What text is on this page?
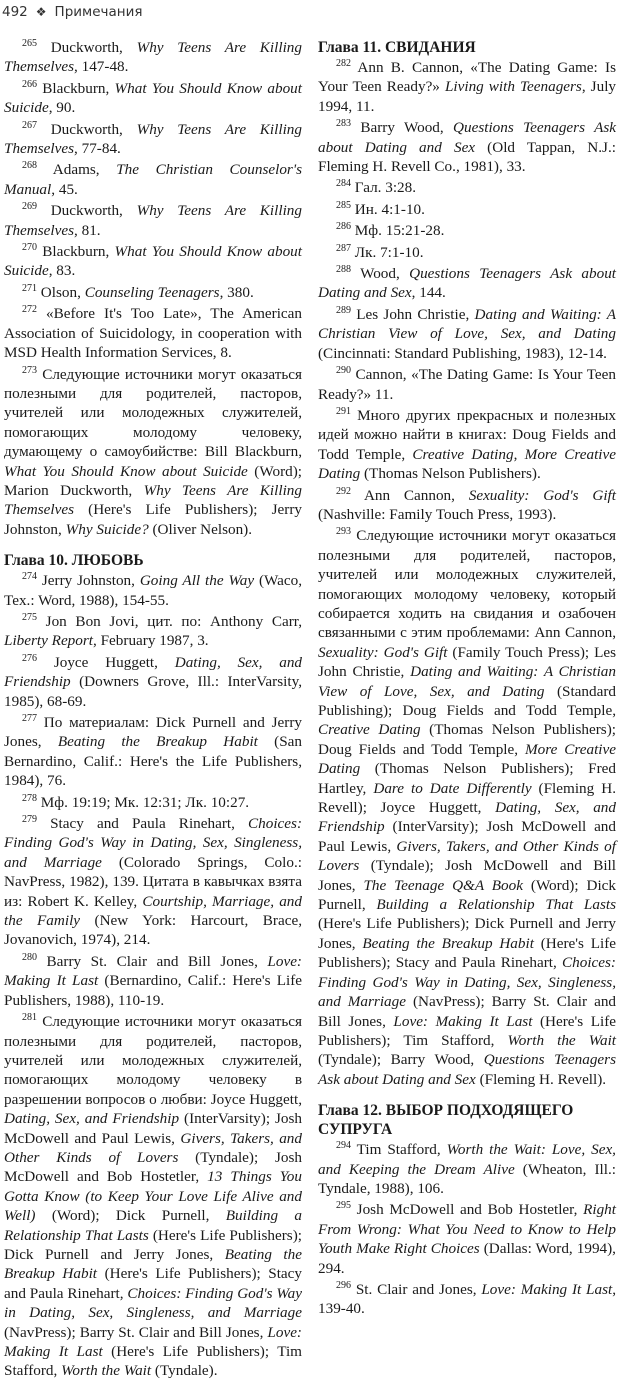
492 ❖ Примечания

$^{265}$ Duckworth, Why Teens Are Killing Themselves, 147-48.

$^{266}$ Blackburn, What You Should Know about Suicide, 90.

$^{267}$ Duckworth, Why Teens Are Killing Themselves, 77-84.

$^{268}$ Adams, The Christian Counselor's Manual, 45.

$^{269}$ Duckworth, Why Teens Are Killing Themselves, 81.

$^{270}$ Blackburn, What You Should Know about Suicide, 83.

$^{271}$ Olson, Counseling Teenagers, 380.

$^{272}$ «Before It's Too Late», The American Association of Suicidology, in cooperation with MSD Health Information Services, 8.

$^{273}$ Следующие источники могут оказаться полезными для родителей, пасторов, учителей или молодежных служителей, помогающих молодому человеку, думающему о самоубийстве: Bill Blackburn, What You Should Know about Suicide (Word); Marion Duckworth, Why Teens Are Killing Themselves (Here's Life Publishers); Jerry Johnston, Why Suicide? (Oliver Nelson).

Глава 10. ЛЮБОВЬ

$^{274}$ Jerry Johnston, Going All the Way (Waco, Tex.: Word, 1988), 154-55.

$^{275}$ Jon Bon Jovi, цит. по: Anthony Carr, Liberty Report, February 1987, 3.

$^{276}$ Joyce Huggett, Dating, Sex, and Friendship (Downers Grove, Ill.: InterVarsity, 1985), 68-69.

$^{277}$ По материалам: Dick Purnell and Jerry Jones, Beating the Breakup Habit (San Bernardino, Calif.: Here's the Life Publishers, 1984), 76.

$^{278}$ Мф. 19:19; Мк. 12:31; Лк. 10:27.

$^{279}$ Stacy and Paula Rinehart, Choices: Finding God's Way in Dating, Sex, Singleness, and Marriage (Colorado Springs, Colo.: NavPress, 1982), 139. Цитата в кавычках взята из: Robert K. Kelley, Courtship, Marriage, and the Family (New York: Harcourt, Brace, Jovanovich, 1974), 214.

$^{280}$ Barry St. Clair and Bill Jones, Love: Making It Last (Bernardino, Calif.: Here's Life Publishers, 1988), 110-19.

$^{281}$ Следующие источники могут оказаться полезными для родителей, пасторов, учителей или молодежных служителей, помогающих молодому человеку в разрешении вопросов о любви: Joyce Huggett, Dating, Sex, and Friendship (InterVarsity); Josh McDowell and Paul Lewis, Givers, Takers, and Other Kinds of Lovers (Tyndale); Josh McDowell and Bob Hostetler, 13 Things You Gotta Know (to Keep Your Love Life Alive and Well) (Word); Dick Purnell, Building a Relationship That Lasts (Here's Life Publishers); Dick Purnell and Jerry Jones, Beating the Breakup Habit (Here's Life Publishers); Stacy and Paula Rinehart, Choices: Finding God's Way in Dating, Sex, Singleness, and Marriage (NavPress); Barry St. Clair and Bill Jones, Love: Making It Last (Here's Life Publishers); Tim Stafford, Worth the Wait (Tyndale).

Глава 11. СВИДАНИЯ

$^{282}$ Ann B. Cannon, «The Dating Game: Is Your Teen Ready?» Living with Teenagers, July 1994, 11.

$^{283}$ Barry Wood, Questions Teenagers Ask about Dating and Sex (Old Tappan, N.J.: Fleming H. Revell Co., 1981), 33.

$^{284}$ Гал. 3:28.

$^{285}$ Ин. 4:1-10.

$^{286}$ Мф. 15:21-28.

$^{287}$ Лк. 7:1-10.

$^{288}$ Wood, Questions Teenagers Ask about Dating and Sex, 144.

$^{289}$ Les John Christie, Dating and Waiting: A Christian View of Love, Sex, and Dating (Cincinnati: Standard Publishing, 1983), 12-14.

$^{290}$ Cannon, «The Dating Game: Is Your Teen Ready?» 11.

$^{291}$ Много других прекрасных и полезных идей можно найти в книгах: Doug Fields and Todd Temple, Creative Dating, More Creative Dating (Thomas Nelson Publishers).

$^{292}$ Ann Cannon, Sexuality: God's Gift (Nashville: Family Touch Press, 1993).

$^{293}$ Следующие источники могут оказаться полезными для родителей, пасторов, учителей или молодежных служителей, помогающих молодому человеку, который собирается ходить на свидания и озабочен связанными с этим проблемами: Ann Cannon, Sexuality: God's Gift (Family Touch Press); Les John Christie, Dating and Waiting: A Christian View of Love, Sex, and Dating (Standard Publishing); Doug Fields and Todd Temple, Creative Dating (Thomas Nelson Publishers); Doug Fields and Todd Temple, More Creative Dating (Thomas Nelson Publishers); Fred Hartley, Dare to Date Differently (Fleming H. Revell); Joyce Huggett, Dating, Sex, and Friendship (InterVarsity); Josh McDowell and Paul Lewis, Givers, Takers, and Other Kinds of Lovers (Tyndale); Josh McDowell and Bill Jones, The Teenage Q&A Book (Word); Dick Purnell, Building a Relationship That Lasts (Here's Life Publishers); Dick Purnell and Jerry Jones, Beating the Breakup Habit (Here's Life Publishers); Stacy and Paula Rinehart, Choices: Finding God's Way in Dating, Sex, Singleness, and Marriage (NavPress); Barry St. Clair and Bill Jones, Love: Making It Last (Here's Life Publishers); Tim Stafford, Worth the Wait (Tyndale); Barry Wood, Questions Teenagers Ask about Dating and Sex (Fleming H. Revell).

Глава 12. ВЫБОР ПОДХОДЯЩЕГО СУПРУГА

$^{294}$ Tim Stafford, Worth the Wait: Love, Sex, and Keeping the Dream Alive (Wheaton, Ill.: Tyndale, 1988), 106.

$^{295}$ Josh McDowell and Bob Hostetler, Right From Wrong: What You Need to Know to Help Youth Make Right Choices (Dallas: Word, 1994), 294.

$^{296}$ St. Clair and Jones, Love: Making It Last, 139-40.
